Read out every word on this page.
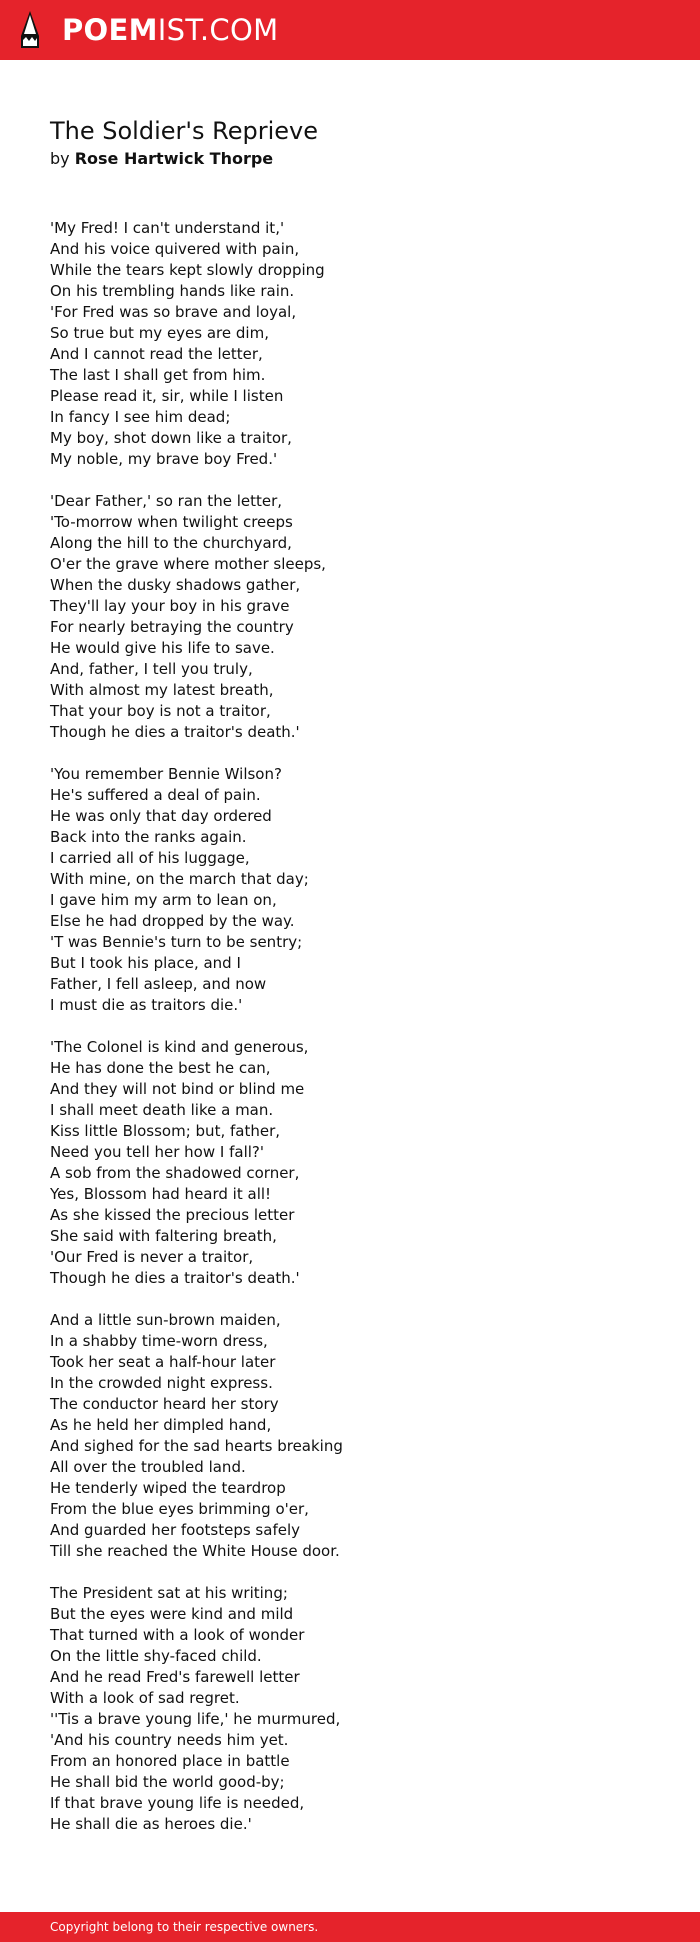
POEMIST.COM
The Soldier's Reprieve
by Rose Hartwick Thorpe
'My Fred! I can't understand it,'
And his voice quivered with pain,
While the tears kept slowly dropping
On his trembling hands like rain.
'For Fred was so brave and loyal,
So true but my eyes are dim,
And I cannot read the letter,
The last I shall get from him.
Please read it, sir, while I listen
In fancy I see him dead;
My boy, shot down like a traitor,
My noble, my brave boy Fred.'
'Dear Father,' so ran the letter,
'To-morrow when twilight creeps
Along the hill to the churchyard,
O'er the grave where mother sleeps,
When the dusky shadows gather,
They'll lay your boy in his grave
For nearly betraying the country
He would give his life to save.
And, father, I tell you truly,
With almost my latest breath,
That your boy is not a traitor,
Though he dies a traitor's death.'
'You remember Bennie Wilson?
He's suffered a deal of pain.
He was only that day ordered
Back into the ranks again.
I carried all of his luggage,
With mine, on the march that day;
I gave him my arm to lean on,
Else he had dropped by the way.
'T was Bennie's turn to be sentry;
But I took his place, and I
Father, I fell asleep, and now
I must die as traitors die.'
'The Colonel is kind and generous,
He has done the best he can,
And they will not bind or blind me
I shall meet death like a man.
Kiss little Blossom; but, father,
Need you tell her how I fall?'
A sob from the shadowed corner,
Yes, Blossom had heard it all!
As she kissed the precious letter
She said with faltering breath,
'Our Fred is never a traitor,
Though he dies a traitor's death.'
And a little sun-brown maiden,
In a shabby time-worn dress,
Took her seat a half-hour later
In the crowded night express.
The conductor heard her story
As he held her dimpled hand,
And sighed for the sad hearts breaking
All over the troubled land.
He tenderly wiped the teardrop
From the blue eyes brimming o'er,
And guarded her footsteps safely
Till she reached the White House door.
The President sat at his writing;
But the eyes were kind and mild
That turned with a look of wonder
On the little shy-faced child.
And he read Fred's farewell letter
With a look of sad regret.
''Tis a brave young life,' he murmured,
'And his country needs him yet.
From an honored place in battle
He shall bid the world good-by;
If that brave young life is needed,
He shall die as heroes die.'
Copyright belong to their respective owners.
